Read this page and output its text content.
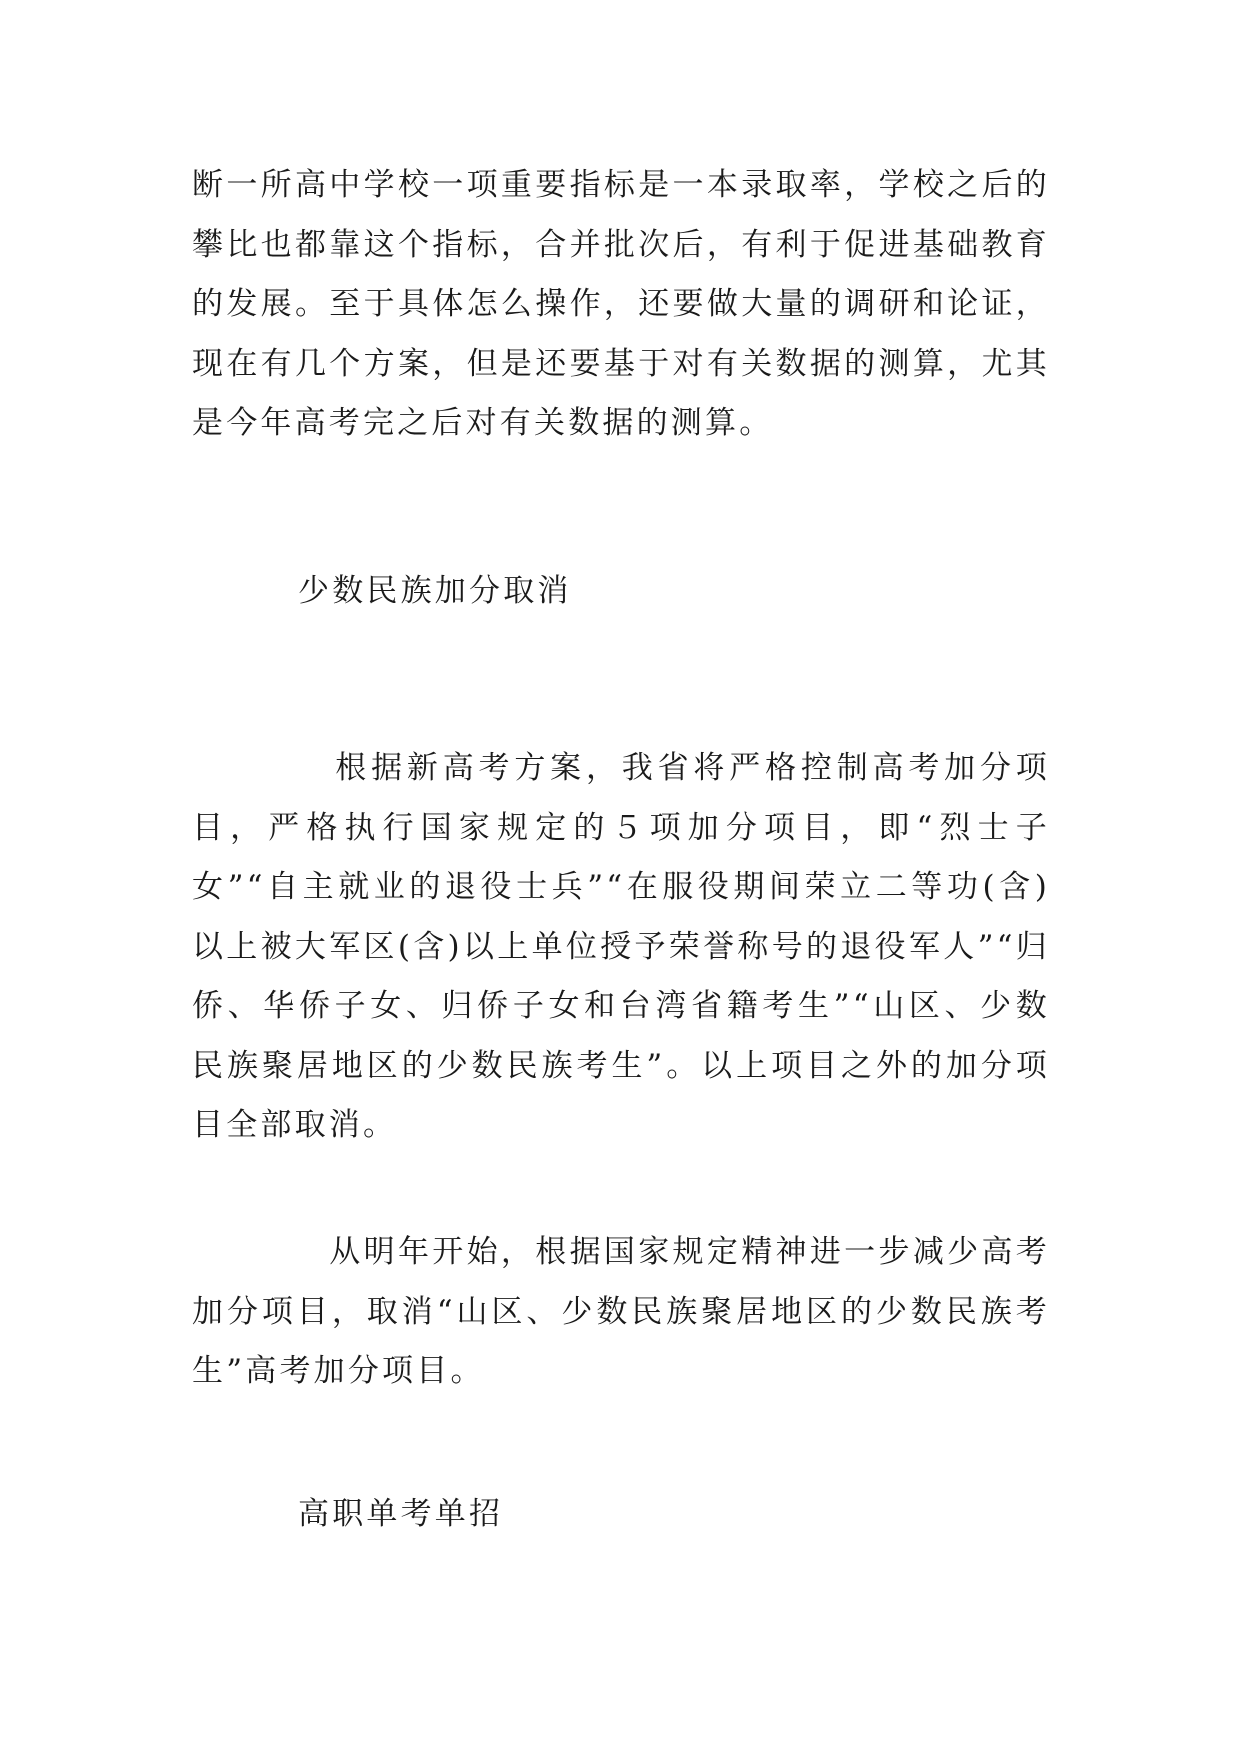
断一所高中学校一项重要指标是一本录取率，学校之后的攀比也都靠这个指标，合并批次后，有利于促进基础教育的发展。至于具体怎么操作，还要做大量的调研和论证，现在有几个方案，但是还要基于对有关数据的测算，尤其是今年高考完之后对有关数据的测算。

少数民族加分取消

　　　　根据新高考方案，我省将严格控制高考加分项目，严格执行国家规定的５项加分项目，即“烈士子女”“自主就业的退役士兵”“在服役期间荣立二等功(含)以上被大军区(含)以上单位授予荣誉称号的退役军人”“归侨、华侨子女、归侨子女和台湾省籍考生”“山区、少数民族聚居地区的少数民族考生”。以上项目之外的加分项目全部取消。

　　　　从明年开始，根据国家规定精神进一步减少高考加分项目，取消“山区、少数民族聚居地区的少数民族考生”高考加分项目。

高职单考单招
